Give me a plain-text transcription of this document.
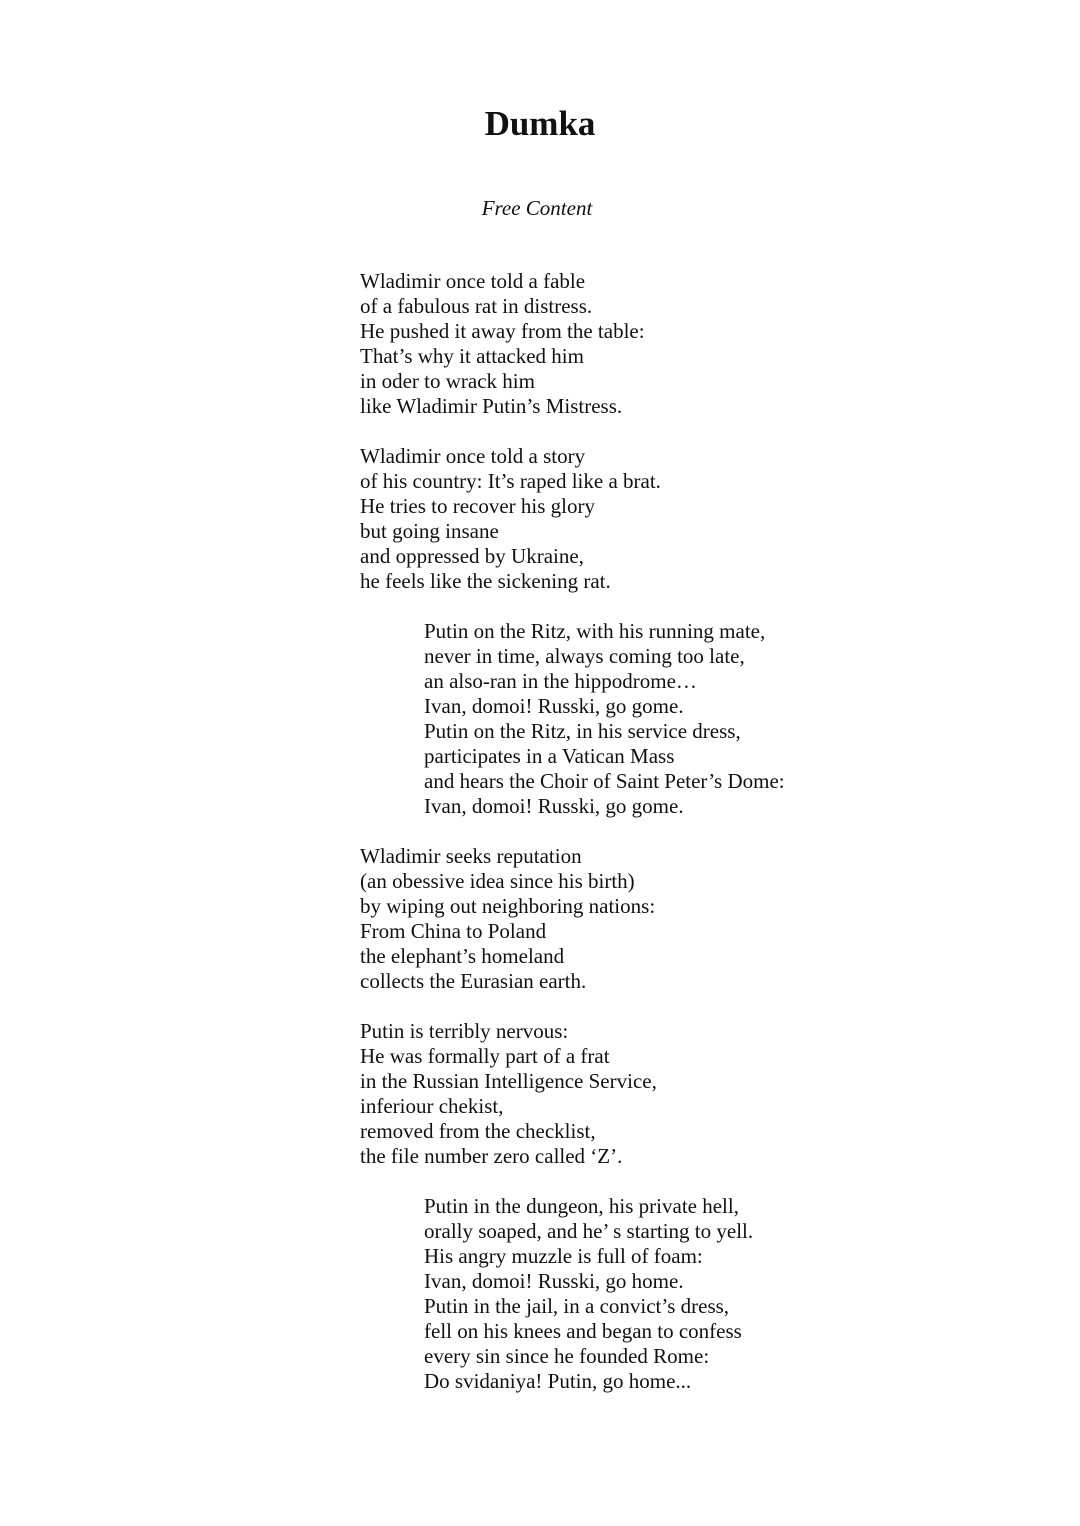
Dumka

Free Content

Wladimir once told a fable
of a fabulous rat in distress.
He pushed it away from the table:
That’s why it attacked him
in oder to wrack him
like Wladimir Putin’s Mistress.
Wladimir once told a story
of his country: It’s raped like a brat.
He tries to recover his glory
but going insane
and oppressed by Ukraine,
he feels like the sickening rat.
Putin on the Ritz, with his running mate,
never in time, always coming too late,
an also-ran in the hippodrome…
Ivan, domoi! Russki, go gome.
Putin on the Ritz, in his service dress,
participates in a Vatican Mass
and hears the Choir of Saint Peter’s Dome:
Ivan, domoi! Russki, go gome.
Wladimir seeks reputation
(an obessive idea since his birth)
by wiping out neighboring nations:
From China to Poland
the elephant’s homeland
collects the Eurasian earth.
Putin is terribly nervous:
He was formally part of a frat
in the Russian Intelligence Service,
inferiour chekist,
removed from the checklist,
the file number zero called ‘Z’.
Putin in the dungeon, his private hell,
orally soaped, and he’ s starting to yell.
His angry muzzle is full of foam:
Ivan, domoi! Russki, go home.
Putin in the jail, in a convict’s dress,
fell on his knees and began to confess
every sin since he founded Rome:
Do svidaniya! Putin, go home...
